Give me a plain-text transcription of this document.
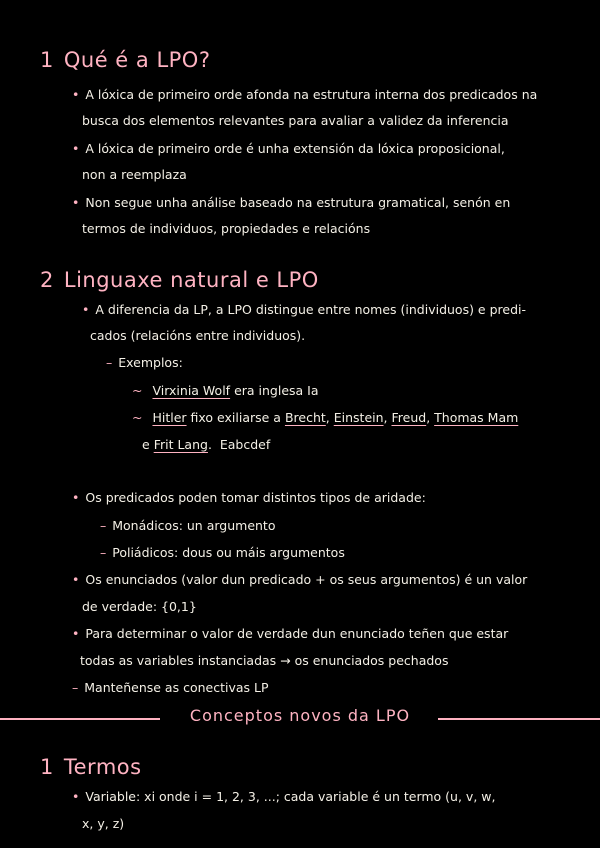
1 Qué é a LPO?
• A lóxica de primeiro orde afonda na estrutura interna dos predicados na
busca dos elementos relevantes para avaliar a validez da inferencia
• A lóxica de primeiro orde é unha extensión da lóxica proposicional,
non a reemplaza
• Non segue unha análise baseado na estrutura gramatical, senón en
termos de individuos, propiedades e relacións
2 Linguaxe natural e LPO
• A diferencia da LP, a LPO distingue entre nomes (individuos) e predi-
cados (relacións entre individuos).
– Exemplos:
~ Virxinia Wolf era inglesa Ia
~ Hitler fixo exiliarse a Brecht, Einstein, Freud, Thomas Mam
e Frit Lang.  Eabcdef
• Os predicados poden tomar distintos tipos de aridade:
– Monádicos: un argumento
– Poliádicos: dous ou máis argumentos
• Os enunciados (valor dun predicado + os seus argumentos) é un valor
de verdade: {0,1}
• Para determinar o valor de verdade dun enunciado teñen que estar
todas as variables instanciadas → os enunciados pechados
– Manteñense as conectivas LP
Conceptos novos da LPO
1 Termos
• Variable: xi onde i = 1, 2, 3, ...; cada variable é un termo (u, v, w,
x, y, z)
